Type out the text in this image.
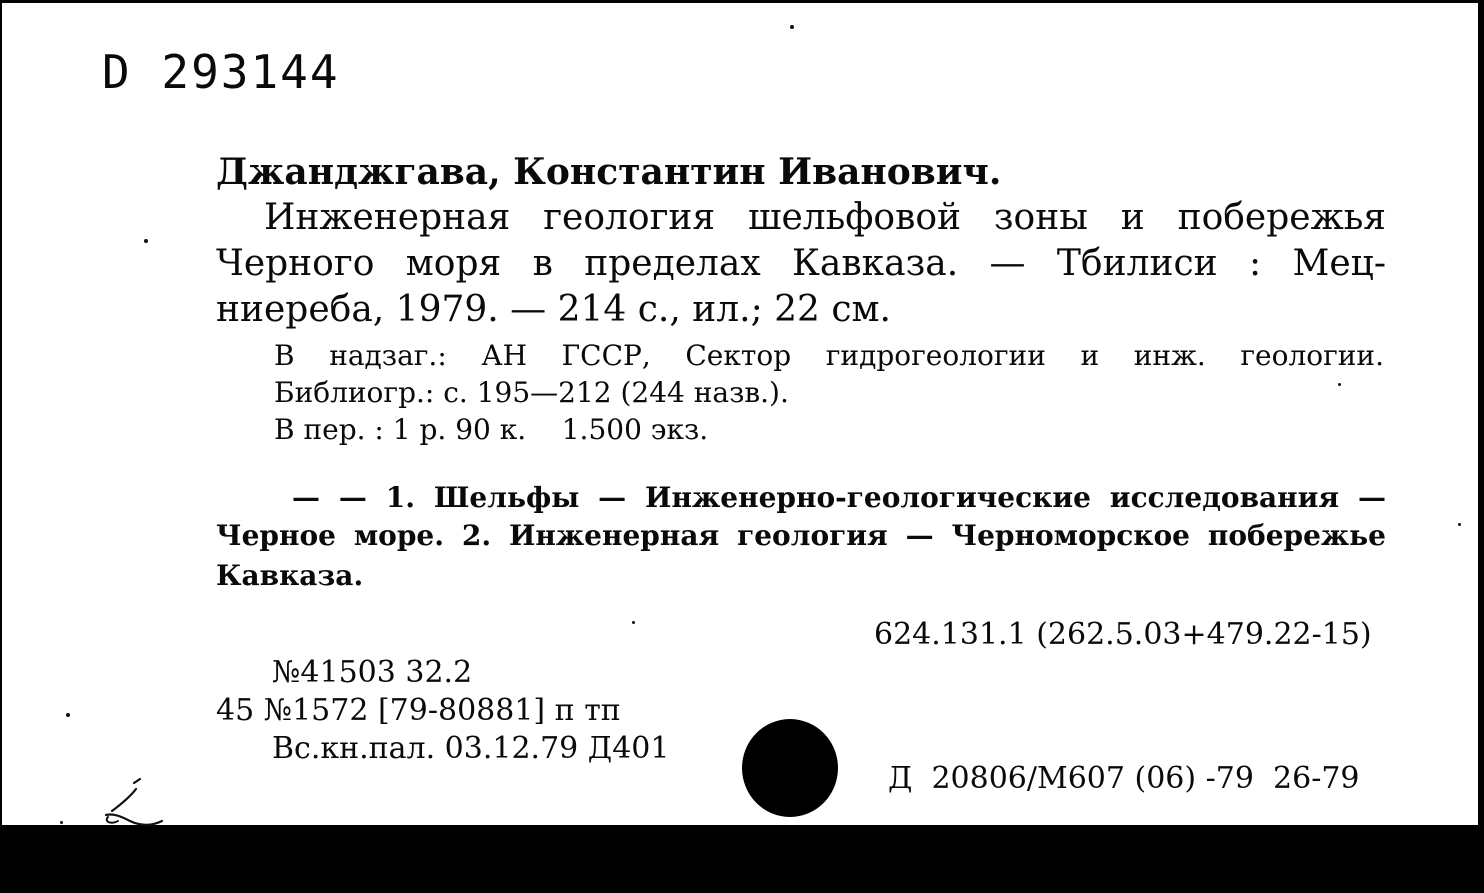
D 293144
Джанджгава, Константин Иванович.
Инженерная геология шельфовой зоны и побережья
Черного моря в пределах Кавказа. — Тбилиси : Мец-
ниереба, 1979. — 214 с., ил.; 22 см.
В надзаг.: АН ГССР, Сектор гидрогеологии и инж. геологии.
Библиогр.: с. 195—212 (244 назв.).
В пер. : 1 р. 90 к.    1.500 экз.
— — 1. Шельфы — Инженерно-геологические исследования —
Черное море. 2. Инженерная геология — Черноморское побережье
Кавказа.
624.131.1 (262.5.03+479.22-15)
№41503 32.2
45 №1572 [79-80881] п тп
Вс.кн.пал. 03.12.79 Д401
Д  20806/М607 (06) -79  26-79
